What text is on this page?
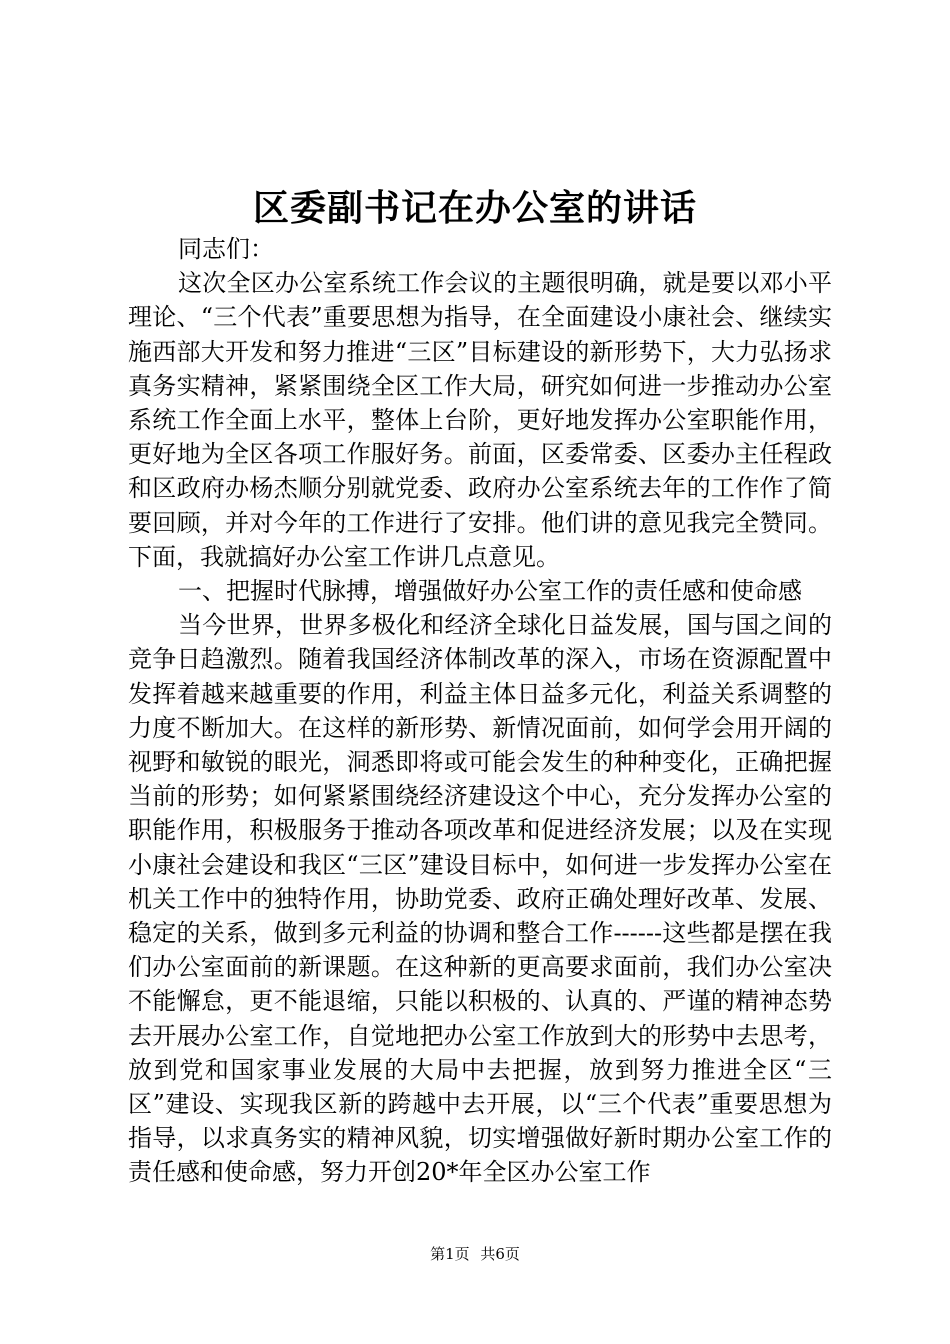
区委副书记在办公室的讲话

同志们：

这次全区办公室系统工作会议的主题很明确，就是要以邓小平理论、“三个代表”重要思想为指导，在全面建设小康社会、继续实施西部大开发和努力推进“三区”目标建设的新形势下，大力弘扬求真务实精神，紧紧围绕全区工作大局，研究如何进一步推动办公室系统工作全面上水平，整体上台阶，更好地发挥办公室职能作用，更好地为全区各项工作服好务。前面，区委常委、区委办主任程政和区政府办杨杰顺分别就党委、政府办公室系统去年的工作作了简要回顾，并对今年的工作进行了安排。他们讲的意见我完全赞同。下面，我就搞好办公室工作讲几点意见。

一、把握时代脉搏，增强做好办公室工作的责任感和使命感

当今世界，世界多极化和经济全球化日益发展，国与国之间的竞争日趋激烈。随着我国经济体制改革的深入，市场在资源配置中发挥着越来越重要的作用，利益主体日益多元化，利益关系调整的力度不断加大。在这样的新形势、新情况面前，如何学会用开阔的视野和敏锐的眼光，洞悉即将或可能会发生的种种变化，正确把握当前的形势；如何紧紧围绕经济建设这个中心，充分发挥办公室的职能作用，积极服务于推动各项改革和促进经济发展；以及在实现小康社会建设和我区“三区”建设目标中，如何进一步发挥办公室在机关工作中的独特作用，协助党委、政府正确处理好改革、发展、稳定的关系，做到多元利益的协调和整合工作------这些都是摆在我们办公室面前的新课题。在这种新的更高要求面前，我们办公室决不能懈怠，更不能退缩，只能以积极的、认真的、严谨的精神态势去开展办公室工作，自觉地把办公室工作放到大的形势中去思考，放到党和国家事业发展的大局中去把握，放到努力推进全区“三区”建设、实现我区新的跨越中去开展，以“三个代表”重要思想为指导，以求真务实的精神风貌，切实增强做好新时期办公室工作的责任感和使命感，努力开创20*年全区办公室工作

第1页 共6页
